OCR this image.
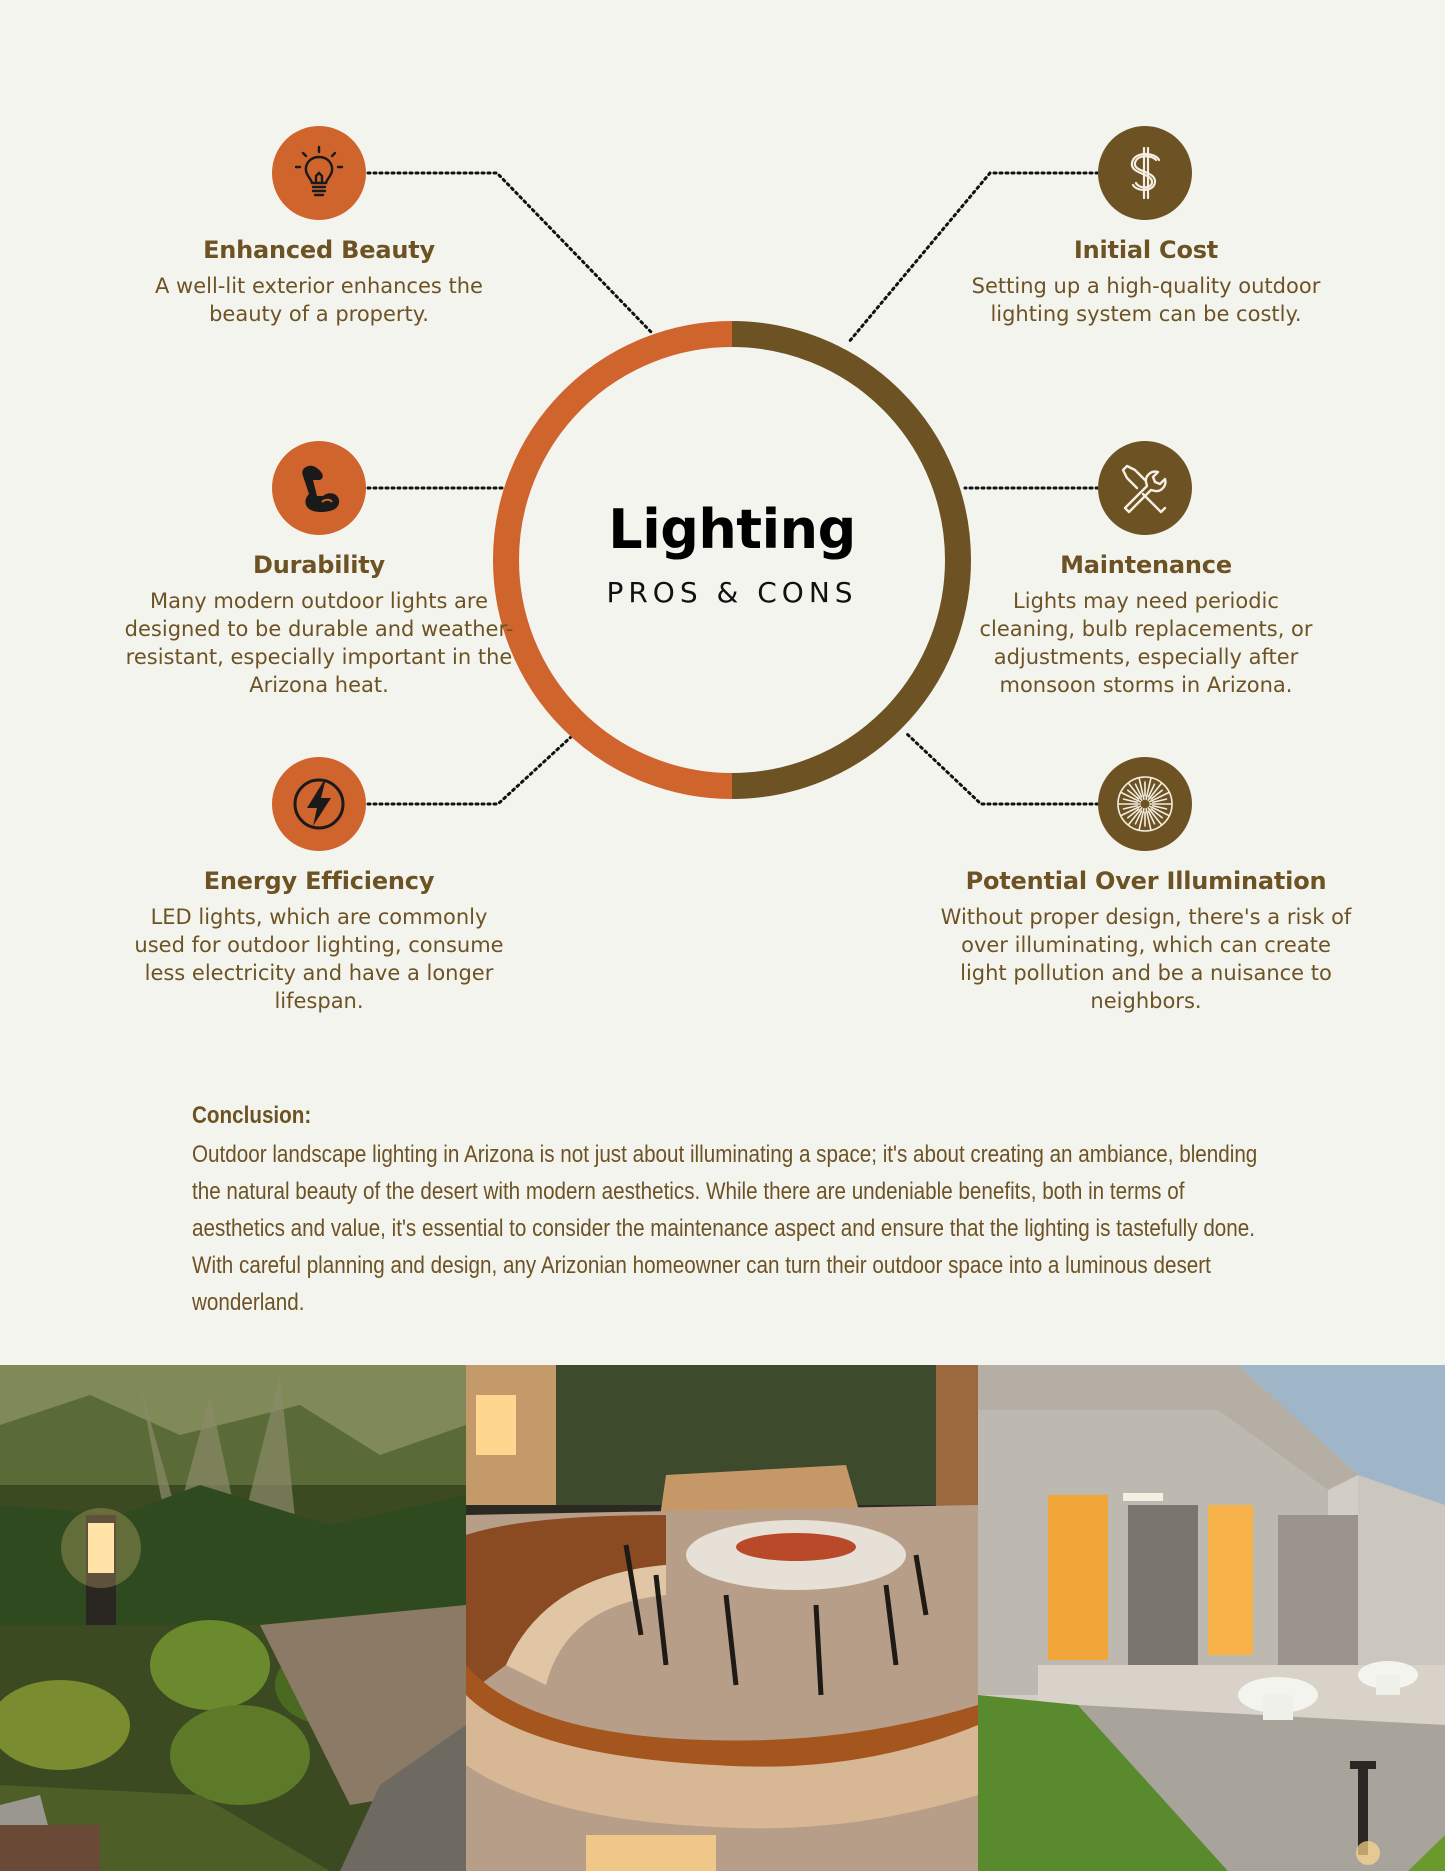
Lighting
PROS & CONS
Enhanced Beauty

A well-lit exterior enhances the beauty of a property.

Durability

Many modern outdoor lights are designed to be durable and weather-resistant, especially important in the Arizona heat.

Energy Efficiency

LED lights, which are commonly used for outdoor lighting, consume less electricity and have a longer lifespan.

Initial Cost

Setting up a high-quality outdoor lighting system can be costly.

Maintenance

Lights may need periodic cleaning, bulb replacements, or adjustments, especially after monsoon storms in Arizona.

Potential Over Illumination

Without proper design, there's a risk of over illuminating, which can create light pollution and be a nuisance to neighbors.

Conclusion:

Outdoor landscape lighting in Arizona is not just about illuminating a space; it's about creating an ambiance, blending the natural beauty of the desert with modern aesthetics. While there are undeniable benefits, both in terms of aesthetics and value, it's essential to consider the maintenance aspect and ensure that the lighting is tastefully done. With careful planning and design, any Arizonian homeowner can turn their outdoor space into a luminous desert wonderland.
